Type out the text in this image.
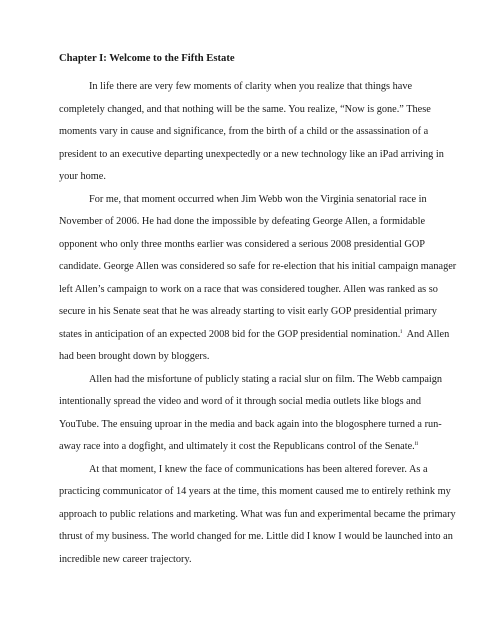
Chapter I: Welcome to the Fifth Estate
In life there are very few moments of clarity when you realize that things have
completely changed, and that nothing will be the same. You realize, “Now is gone.” These
moments vary in cause and significance, from the birth of a child or the assassination of a
president to an executive departing unexpectedly or a new technology like an iPad arriving in
your home.
For me, that moment occurred when Jim Webb won the Virginia senatorial race in
November of 2006. He had done the impossible by defeating George Allen, a formidable
opponent who only three months earlier was considered a serious 2008 presidential GOP
candidate. George Allen was considered so safe for re-election that his initial campaign manager
left Allen’s campaign to work on a race that was considered tougher. Allen was ranked as so
secure in his Senate seat that he was already starting to visit early GOP presidential primary
states in anticipation of an expected 2008 bid for the GOP presidential nomination.$^i$  And Allen
had been brought down by bloggers.
Allen had the misfortune of publicly stating a racial slur on film. The Webb campaign
intentionally spread the video and word of it through social media outlets like blogs and
YouTube. The ensuing uproar in the media and back again into the blogosphere turned a run-
away race into a dogfight, and ultimately it cost the Republicans control of the Senate.$^{ii}$
At that moment, I knew the face of communications has been altered forever. As a
practicing communicator of 14 years at the time, this moment caused me to entirely rethink my
approach to public relations and marketing. What was fun and experimental became the primary
thrust of my business. The world changed for me. Little did I know I would be launched into an
incredible new career trajectory.
